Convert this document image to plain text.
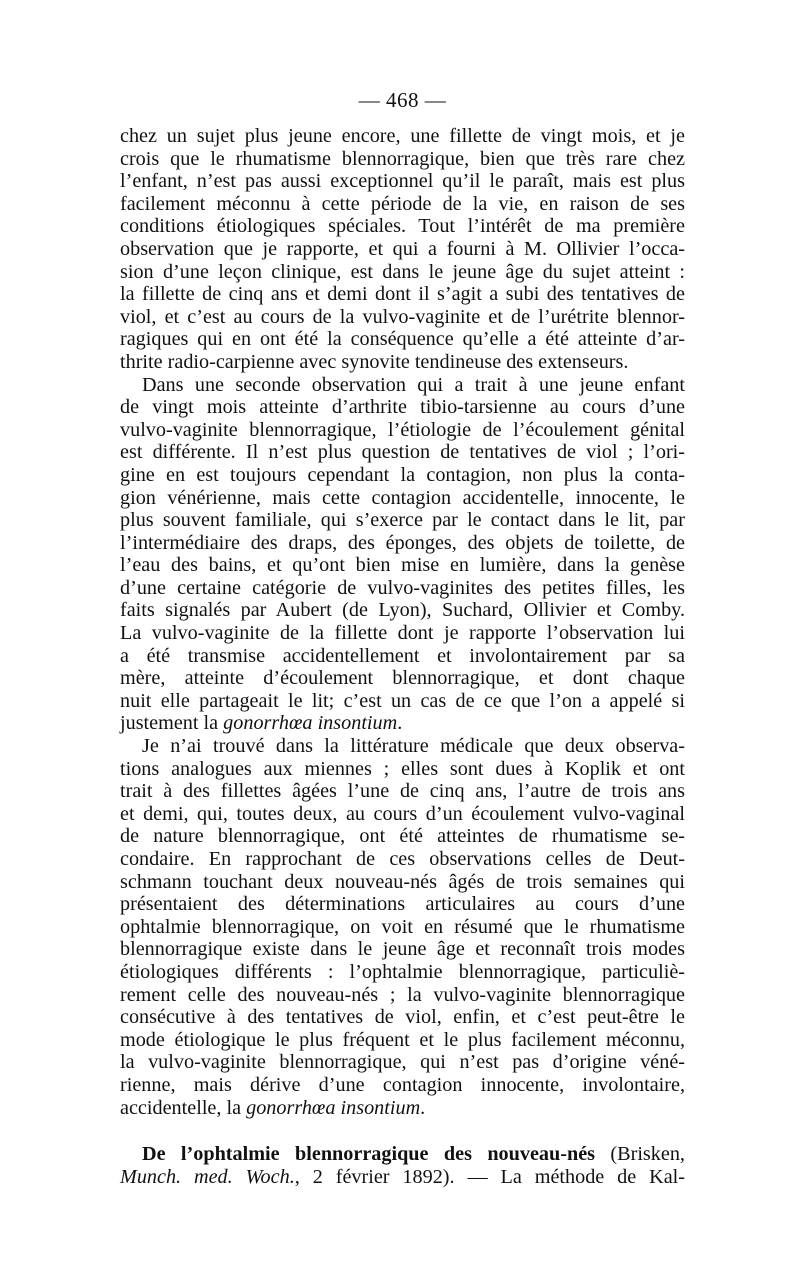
— 468 —

chez un sujet plus jeune encore, une fillette de vingt mois, et je
crois que le rhumatisme blennorragique, bien que très rare chez
l’enfant, n’est pas aussi exceptionnel qu’il le paraît, mais est plus
facilement méconnu à cette période de la vie, en raison de ses
conditions étiologiques spéciales. Tout l’intérêt de ma première
observation que je rapporte, et qui a fourni à M. Ollivier l’occa-
sion d’une leçon clinique, est dans le jeune âge du sujet atteint :
la fillette de cinq ans et demi dont il s’agit a subi des tentatives de
viol, et c’est au cours de la vulvo-vaginite et de l’urétrite blennor-
ragiques qui en ont été la conséquence qu’elle a été atteinte d’ar-
thrite radio-carpienne avec synovite tendineuse des extenseurs.

Dans une seconde observation qui a trait à une jeune enfant
de vingt mois atteinte d’arthrite tibio-tarsienne au cours d’une
vulvo-vaginite blennorragique, l’étiologie de l’écoulement génital
est différente. Il n’est plus question de tentatives de viol ; l’ori-
gine en est toujours cependant la contagion, non plus la conta-
gion vénérienne, mais cette contagion accidentelle, innocente, le
plus souvent familiale, qui s’exerce par le contact dans le lit, par
l’intermédiaire des draps, des éponges, des objets de toilette, de
l’eau des bains, et qu’ont bien mise en lumière, dans la genèse
d’une certaine catégorie de vulvo-vaginites des petites filles, les
faits signalés par Aubert (de Lyon), Suchard, Ollivier et Comby.
La vulvo-vaginite de la fillette dont je rapporte l’observation lui
a été transmise accidentellement et involontairement par sa
mère, atteinte d’écoulement blennorragique, et dont chaque
nuit elle partageait le lit; c’est un cas de ce que l’on a appelé si
justement la gonorrhœa insontium.

Je n’ai trouvé dans la littérature médicale que deux observa-
tions analogues aux miennes ; elles sont dues à Koplik et ont
trait à des fillettes âgées l’une de cinq ans, l’autre de trois ans
et demi, qui, toutes deux, au cours d’un écoulement vulvo-vaginal
de nature blennorragique, ont été atteintes de rhumatisme se-
condaire. En rapprochant de ces observations celles de Deut-
schmann touchant deux nouveau-nés âgés de trois semaines qui
présentaient des déterminations articulaires au cours d’une
ophtalmie blennorragique, on voit en résumé que le rhumatisme
blennorragique existe dans le jeune âge et reconnaît trois modes
étiologiques différents : l’ophtalmie blennorragique, particuliè-
rement celle des nouveau-nés ; la vulvo-vaginite blennorragique
consécutive à des tentatives de viol, enfin, et c’est peut-être le
mode étiologique le plus fréquent et le plus facilement méconnu,
la vulvo-vaginite blennorragique, qui n’est pas d’origine véné-
rienne, mais dérive d’une contagion innocente, involontaire,
accidentelle, la gonorrhœa insontium.

De l’ophtalmie blennorragique des nouveau-nés (Brisken,
Munch. med. Woch., 2 février 1892). — La méthode de Kal-
